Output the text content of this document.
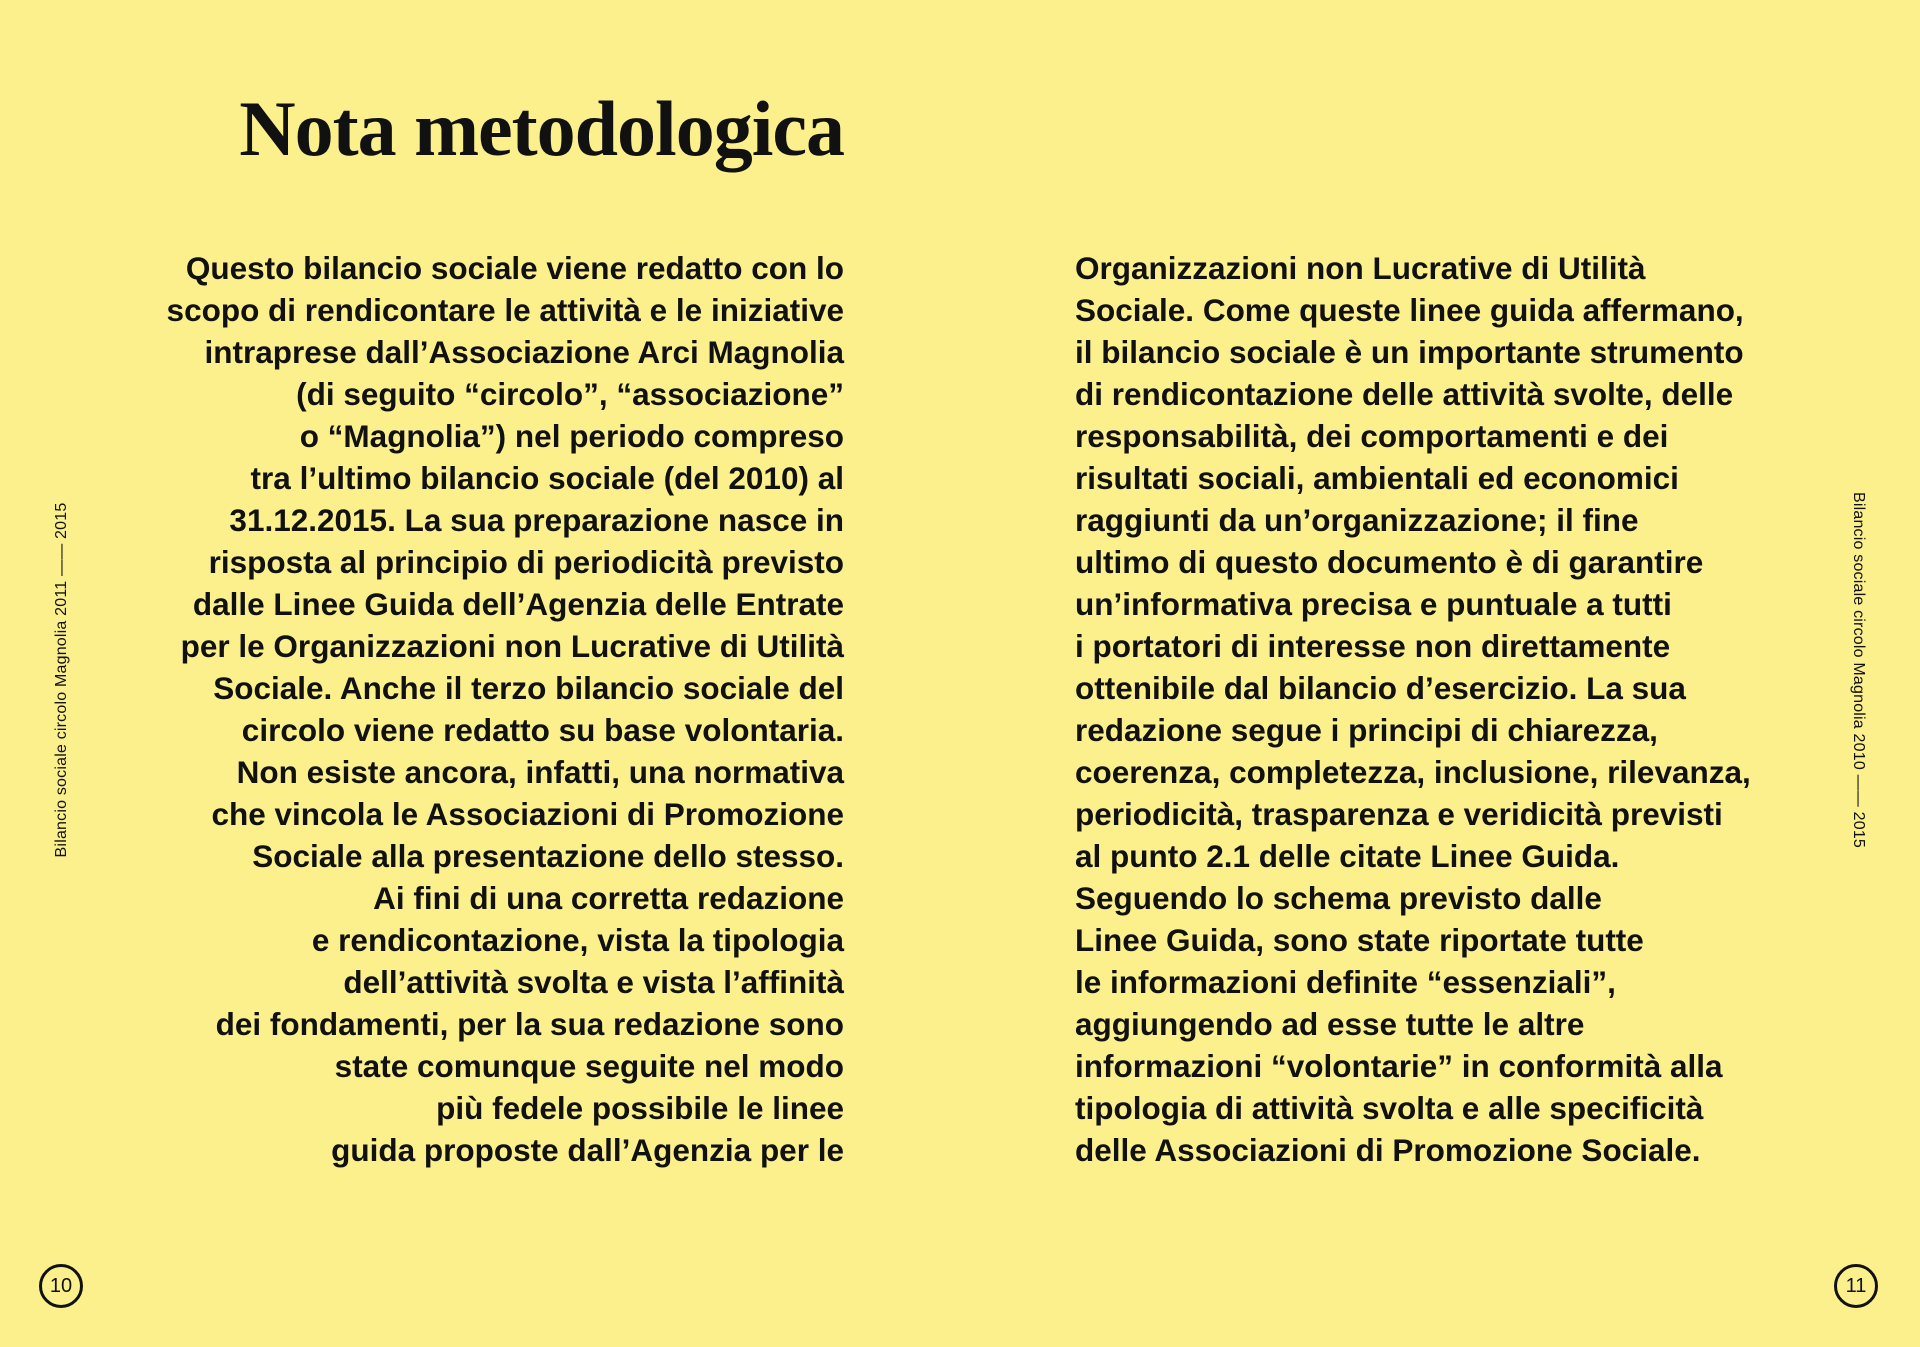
Nota metodologica
Questo bilancio sociale viene redatto con lo
scopo di rendicontare le attività e le iniziative
intraprese dall’Associazione Arci Magnolia
(di seguito “circolo”, “associazione”
o “Magnolia”) nel periodo compreso
tra l’ultimo bilancio sociale (del 2010) al
31.12.2015. La sua preparazione nasce in
risposta al principio di periodicità previsto
dalle Linee Guida dell’Agenzia delle Entrate
per le Organizzazioni non Lucrative di Utilità
Sociale. Anche il terzo bilancio sociale del
circolo viene redatto su base volontaria.
Non esiste ancora, infatti, una normativa
che vincola le Associazioni di Promozione
Sociale alla presentazione dello stesso.
Ai fini di una corretta redazione
e rendicontazione, vista la tipologia
dell’attività svolta e vista l’affinità
dei fondamenti, per la sua redazione sono
state comunque seguite nel modo
più fedele possibile le linee
guida proposte dall’Agenzia per le
Organizzazioni non Lucrative di Utilità
Sociale. Come queste linee guida affermano,
il bilancio sociale è un importante strumento
di rendicontazione delle attività svolte, delle
responsabilità, dei comportamenti e dei
risultati sociali, ambientali ed economici
raggiunti da un’organizzazione; il fine
ultimo di questo documento è di garantire
un’informativa precisa e puntuale a tutti
i portatori di interesse non direttamente
ottenibile dal bilancio d’esercizio. La sua
redazione segue i principi di chiarezza,
coerenza, completezza, inclusione, rilevanza,
periodicità, trasparenza e veridicità previsti
al punto 2.1 delle citate Linee Guida.
Seguendo lo schema previsto dalle
Linee Guida, sono state riportate tutte
le informazioni definite “essenziali”,
aggiungendo ad esse tutte le altre
informazioni “volontarie” in conformità alla
tipologia di attività svolta e alle specificità
delle Associazioni di Promozione Sociale.
Bilancio sociale circolo Magnolia 2011 —— 2015	Bilancio sociale circolo Magnolia 2010 —— 2015
10	11
